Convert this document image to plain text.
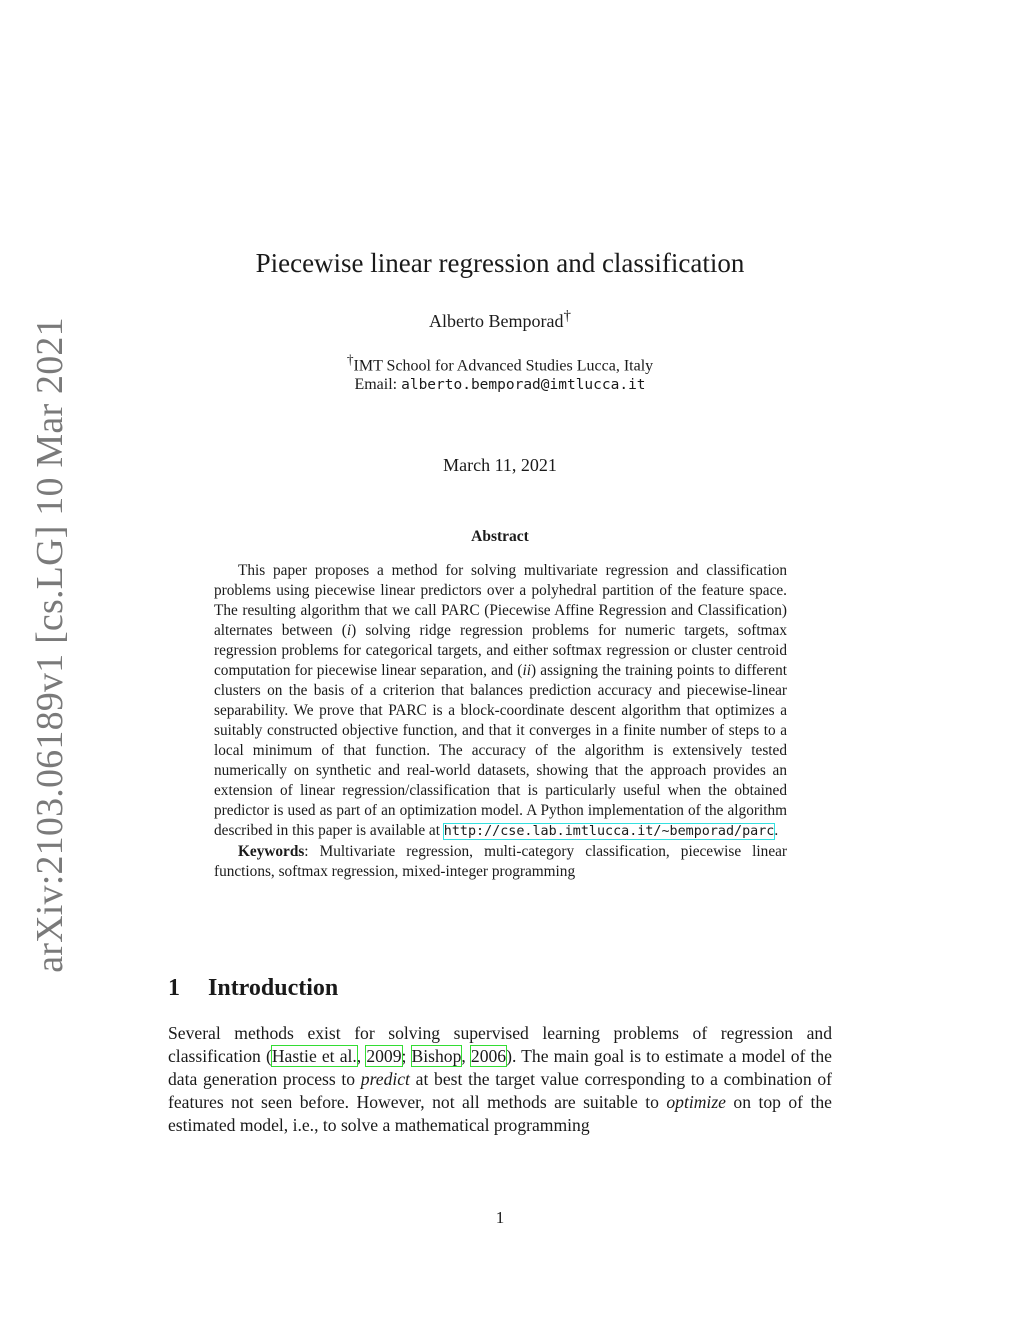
arXiv:2103.06189v1 [cs.LG] 10 Mar 2021
Piecewise linear regression and classification
Alberto Bemporad†
†IMT School for Advanced Studies Lucca, Italy
Email: alberto.bemporad@imtlucca.it
March 11, 2021
Abstract

This paper proposes a method for solving multivariate regression and classification problems using piecewise linear predictors over a polyhedral partition of the feature space. The resulting algorithm that we call PARC (Piecewise Affine Regression and Classification) alternates between (i) solving ridge regression problems for numeric targets, softmax regression problems for categorical targets, and either softmax regression or cluster centroid computation for piecewise linear separation, and (ii) assigning the training points to different clusters on the basis of a criterion that balances prediction accuracy and piecewise-linear separability. We prove that PARC is a block-coordinate descent algorithm that optimizes a suitably constructed objective function, and that it converges in a finite number of steps to a local minimum of that function. The accuracy of the algorithm is extensively tested numerically on synthetic and real-world datasets, showing that the approach provides an extension of linear regression/classification that is particularly useful when the obtained predictor is used as part of an optimization model. A Python implementation of the algorithm described in this paper is available at http://cse.lab.imtlucca.it/~bemporad/parc.

Keywords: Multivariate regression, multi-category classification, piecewise linear functions, softmax regression, mixed-integer programming

1 Introduction

Several methods exist for solving supervised learning problems of regression and classification (Hastie et al., 2009; Bishop, 2006). The main goal is to estimate a model of the data generation process to predict at best the target value corresponding to a combination of features not seen before. However, not all methods are suitable to optimize on top of the estimated model, i.e., to solve a mathematical programming

1
